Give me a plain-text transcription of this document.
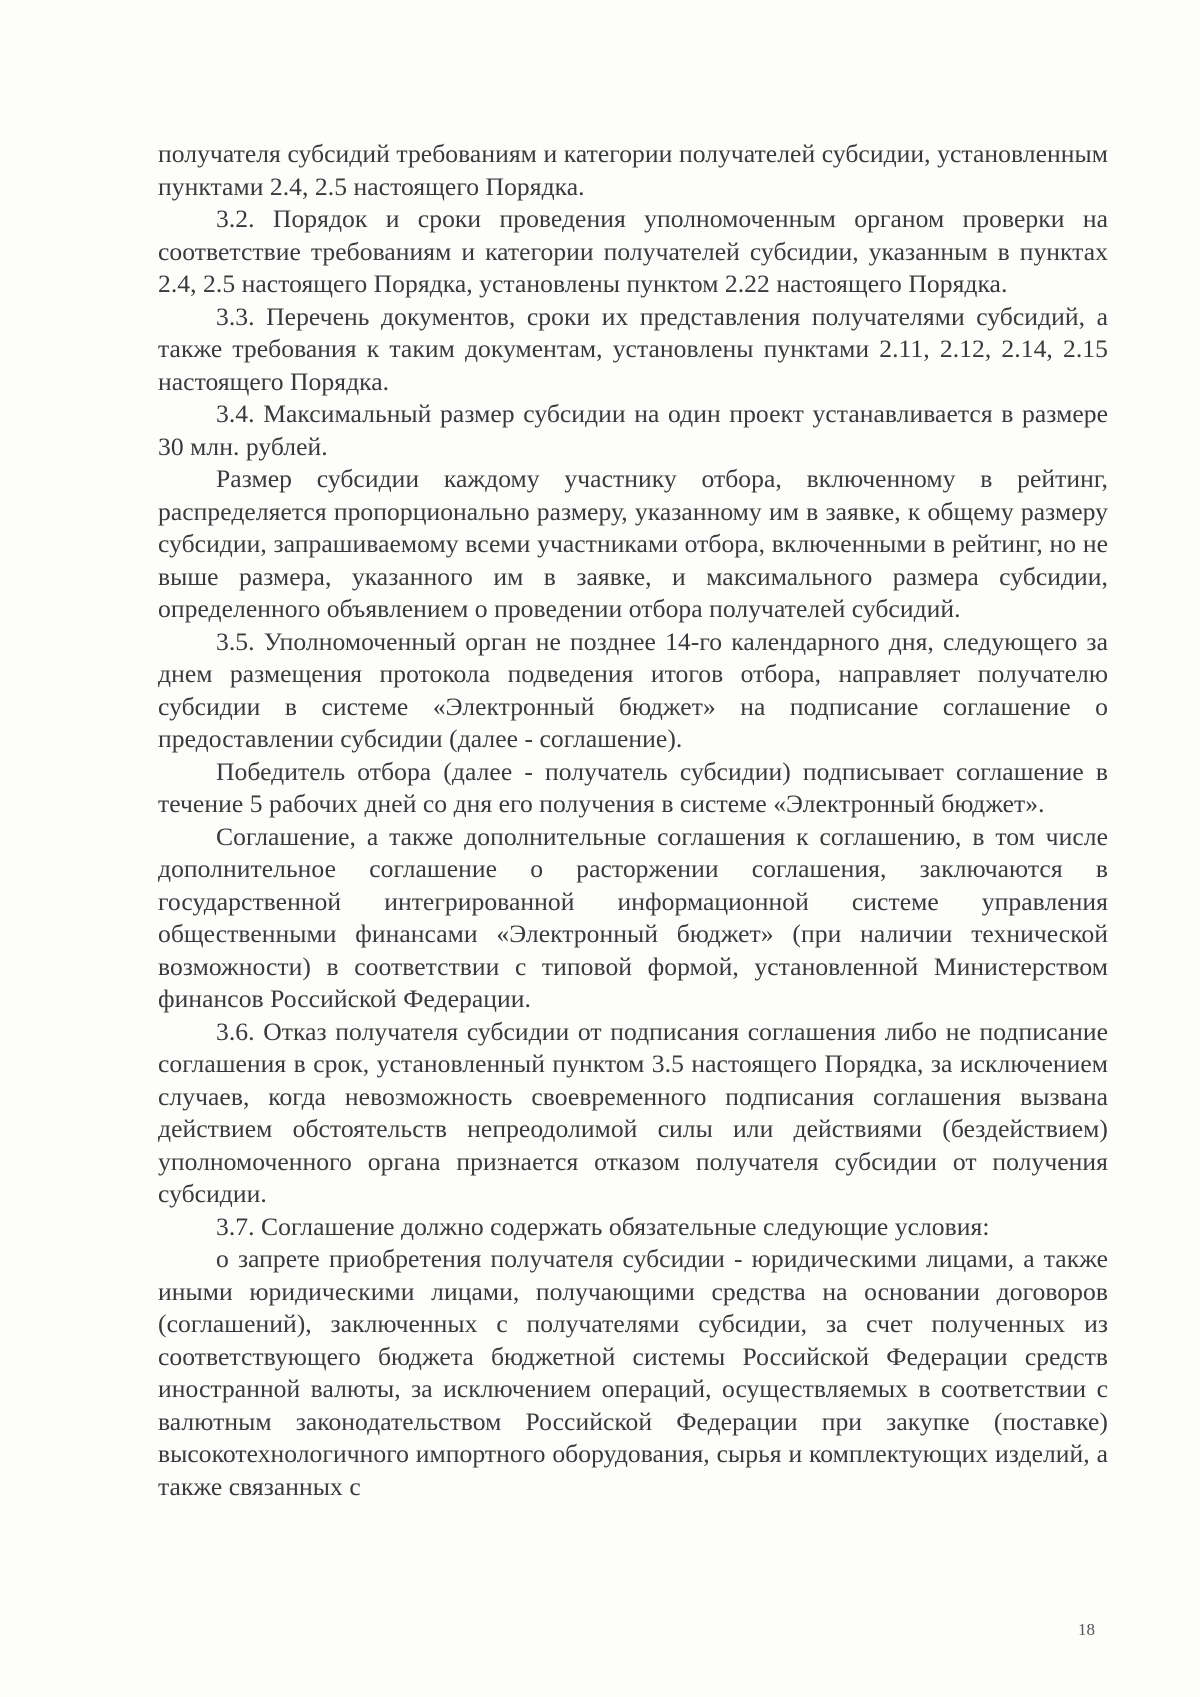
получателя субсидий требованиям и категории получателей субсидии, установленным пунктами 2.4, 2.5 настоящего Порядка.

3.2. Порядок и сроки проведения уполномоченным органом проверки на соответствие требованиям и категории получателей субсидии, указанным в пунктах 2.4, 2.5 настоящего Порядка, установлены пунктом 2.22 настоящего Порядка.

3.3. Перечень документов, сроки их представления получателями субсидий, а также требования к таким документам, установлены пунктами 2.11, 2.12, 2.14, 2.15 настоящего Порядка.

3.4. Максимальный размер субсидии на один проект устанавливается в размере 30 млн. рублей.

Размер субсидии каждому участнику отбора, включенному в рейтинг, распределяется пропорционально размеру, указанному им в заявке, к общему размеру субсидии, запрашиваемому всеми участниками отбора, включенными в рейтинг, но не выше размера, указанного им в заявке, и максимального размера субсидии, определенного объявлением о проведении отбора получателей субсидий.

3.5. Уполномоченный орган не позднее 14-го календарного дня, следующего за днем размещения протокола подведения итогов отбора, направляет получателю субсидии в системе «Электронный бюджет» на подписание соглашение о предоставлении субсидии (далее - соглашение).

Победитель отбора (далее - получатель субсидии) подписывает соглашение в течение 5 рабочих дней со дня его получения в системе «Электронный бюджет».

Соглашение, а также дополнительные соглашения к соглашению, в том числе дополнительное соглашение о расторжении соглашения, заключаются в государственной интегрированной информационной системе управления общественными финансами «Электронный бюджет» (при наличии технической возможности) в соответствии с типовой формой, установленной Министерством финансов Российской Федерации.

3.6. Отказ получателя субсидии от подписания соглашения либо не подписание соглашения в срок, установленный пунктом 3.5 настоящего Порядка, за исключением случаев, когда невозможность своевременного подписания соглашения вызвана действием обстоятельств непреодолимой силы или действиями (бездействием) уполномоченного органа признается отказом получателя субсидии от получения субсидии.

3.7. Соглашение должно содержать обязательные следующие условия:

о запрете приобретения получателя субсидии - юридическими лицами, а также иными юридическими лицами, получающими средства на основании договоров (соглашений), заключенных с получателями субсидии, за счет полученных из соответствующего бюджета бюджетной системы Российской Федерации средств иностранной валюты, за исключением операций, осуществляемых в соответствии с валютным законодательством Российской Федерации при закупке (поставке) высокотехнологичного импортного оборудования, сырья и комплектующих изделий, а также связанных с

18
